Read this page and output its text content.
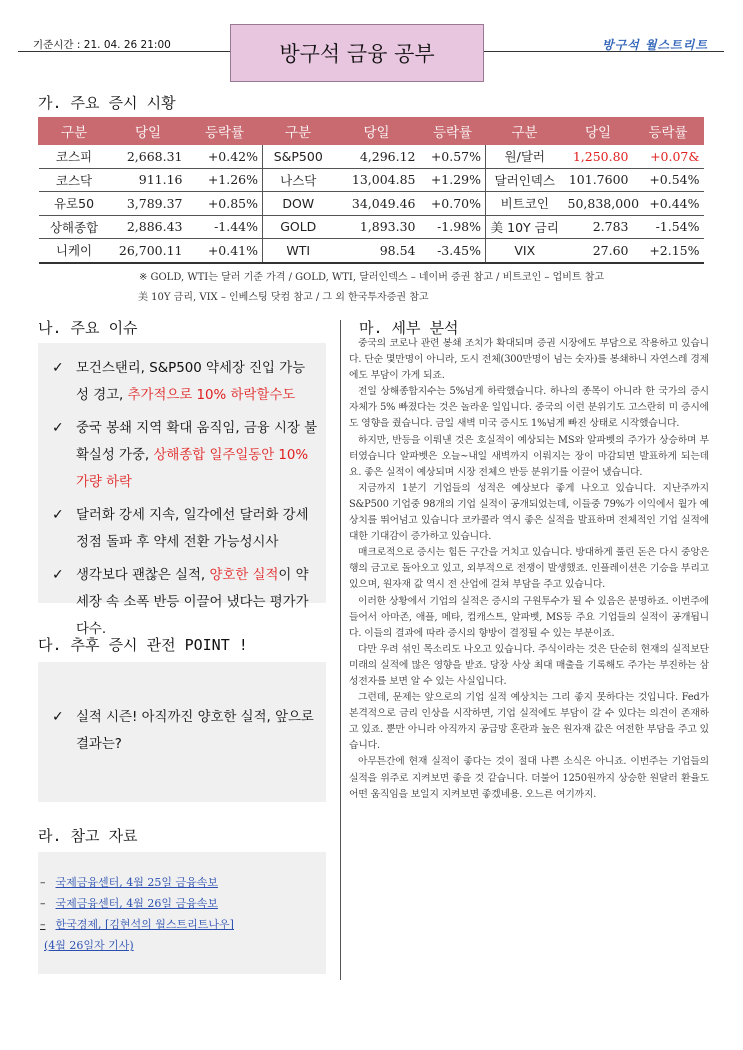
기준시간 : 21. 04. 26 21:00	방구석 금융 공부	방구석 월스트리트
가. 주요 증시 시황
구분	당일	등락률	구분	당일	등락률	구분	당일	등락률
코스피	2,668.31	+0.42%	S&P500	4,296.12	+0.57%	원/달러	1,250.80	+0.07&
코스닥	911.16	+1.26%	나스닥	13,004.85	+1.29%	달러인덱스	101.7600	+0.54%
유로50	3,789.37	+0.85%	DOW	34,049.46	+0.70%	비트코인	50,838,000	+0.44%
상해종합	2,886.43	-1.44%	GOLD	1,893.30	-1.98%	美 10Y 금리	2.783	-1.54%
니케이	26,700.11	+0.41%	WTI	98.54	-3.45%	VIX	27.60	+2.15%
※ GOLD, WTI는 달러 기준 가격 / GOLD, WTI, 달러인덱스 – 네이버 증권 참고 / 비트코인 – 업비트 참고
美 10Y 금리, VIX – 인베스팅 닷컴 참고 / 그 외 한국투자증권 참고
나. 주요 이슈
✓ 모건스탠리, S&P500 약세장 진입 가능성 경고, 추가적으로 10% 하락할수도
✓ 중국 봉쇄 지역 확대 움직임, 금융 시장 불확실성 가중, 상해종합 일주일동안 10% 가량 하락
✓ 달러화 강세 지속, 일각에선 달러화 강세 정점 돌파 후 약세 전환 가능성시사
✓ 생각보다 괜찮은 실적, 양호한 실적이 약세장 속 소폭 반등 이끌어 냈다는 평가가 다수.
다. 추후 증시 관전 POINT !
✓ 실적 시즌! 아직까진 양호한 실적, 앞으로 결과는?
라. 참고 자료
– 국제금융센터, 4월 25일 금융속보
– 국제금융센터, 4월 26일 금융속보
– 한국경제, [김현석의 월스트리트나우]
(4월 26일자 기사)
마. 세부 분석

중국의 코로나 관련 봉쇄 조치가 확대되며 증권 시장에도 부담으로 작용하고 있습니다. 단순 몇만명이 아니라, 도시 전체(300만명이 넘는 숫자)를 봉쇄하니 자연스레 경제에도 부담이 가게 되죠.

전일 상해종합지수는 5%넘게 하락했습니다. 하나의 종목이 아니라 한 국가의 증시 자체가 5% 빠졌다는 것은 놀라운 일입니다. 중국의 이런 분위기도 고스란히 미 증시에도 영향을 줬습니다. 금일 새벽 미국 증시도 1%넘게 빠진 상태로 시작했습니다.

하지만, 반등을 이뤄낸 것은 호실적이 예상되는 MS와 알파벳의 주가가 상승하며 부터였습니다 알파벳은 오늘~내일 새벽까지 이뤄지는 장이 마감되면 발표하게 되는데요. 좋은 실적이 예상되며 시장 전체으 반등 분위기를 이끌어 냈습니다.

지금까지 1분기 기업들의 성적은 예상보다 좋게 나오고 있습니다. 지난주까지 S&P500 기업중 98개의 기업 실적이 공개되었는데, 이들중 79%가 이익에서 월가 예상치를 뛰어넘고 있습니다 코카콜라 역시 좋은 실적을 발표하며 전체적인 기업 실적에 대한 기대감이 증가하고 있습니다.

매크로적으로 증시는 힘든 구간을 거치고 있습니다. 방대하게 풀린 돈은 다시 중앙은행의 금고로 돌아오고 있고, 외부적으로 전쟁이 발생했죠. 인플레이션은 기승을 부리고 있으며, 원자재 값 역시 전 산업에 걸쳐 부담을 주고 있습니다.

이러한 상황에서 기업의 실적은 증시의 구원투수가 될 수 있음은 분명하죠. 이번주에 들어서 아마존, 애플, 메타, 컴캐스트, 알파벳, MS등 주요 기업들의 실적이 공개됩니다. 이들의 결과에 따라 증시의 향방이 결정될 수 있는 부분이죠.

다만 우려 섞인 목소리도 나오고 있습니다. 주식이라는 것은 단순히 현재의 실적보단 미래의 실적에 많은 영향을 받죠. 당장 사상 최대 매출을 기록해도 주가는 부진하는 삼성전자를 보면 알 수 있는 사실입니다.

그런데, 문제는 앞으로의 기업 실적 예상치는 그리 좋지 못하다는 것입니다. Fed가 본격적으로 금리 인상을 시작하면, 기업 실적에도 부담이 갈 수 있다는 의견이 존재하고 있죠. 뿐만 아니라 아직까지 공급망 혼란과 높은 원자재 값은 여전한 부담을 주고 있습니다.

아무튼간에 현재 실적이 좋다는 것이 절대 나쁜 소식은 아니죠. 이번주는 기업들의 실적을 위주로 지켜보면 좋을 것 같습니다. 더불어 1250원까지 상승한 원달러 환율도 어떤 움직임을 보일지 지켜보면 좋겠네용. 오느른 여기까지.
